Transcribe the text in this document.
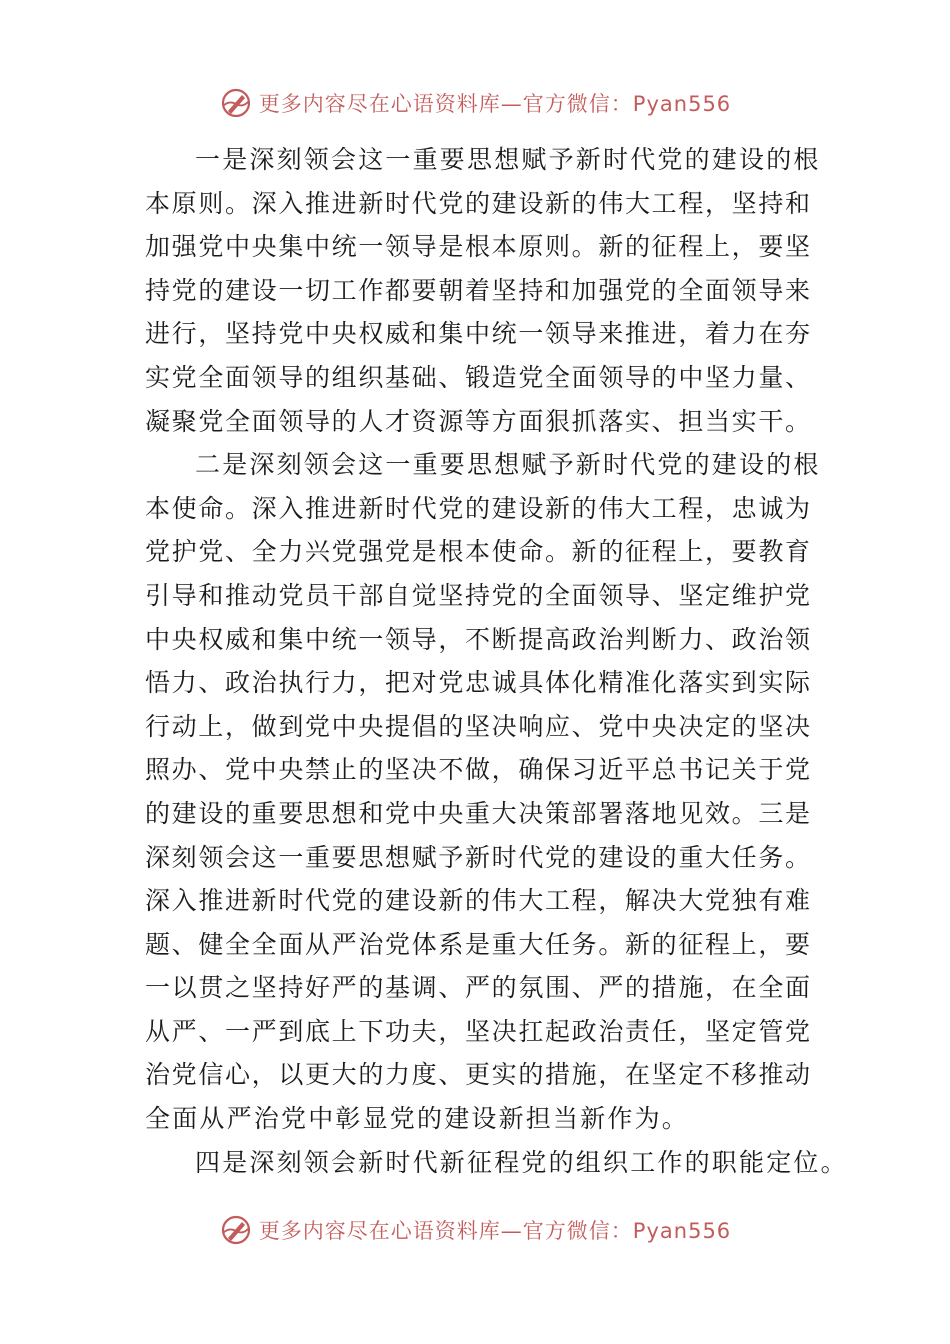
更多内容尽在心语资料库—官方微信：Pyan556
一是深刻领会这一重要思想赋予新时代党的建设的根
本原则。深入推进新时代党的建设新的伟大工程，坚持和
加强党中央集中统一领导是根本原则。新的征程上，要坚
持党的建设一切工作都要朝着坚持和加强党的全面领导来
进行，坚持党中央权威和集中统一领导来推进，着力在夯
实党全面领导的组织基础、锻造党全面领导的中坚力量、
凝聚党全面领导的人才资源等方面狠抓落实、担当实干。
二是深刻领会这一重要思想赋予新时代党的建设的根
本使命。深入推进新时代党的建设新的伟大工程，忠诚为
党护党、全力兴党强党是根本使命。新的征程上，要教育
引导和推动党员干部自觉坚持党的全面领导、坚定维护党
中央权威和集中统一领导，不断提高政治判断力、政治领
悟力、政治执行力，把对党忠诚具体化精准化落实到实际
行动上，做到党中央提倡的坚决响应、党中央决定的坚决
照办、党中央禁止的坚决不做，确保习近平总书记关于党
的建设的重要思想和党中央重大决策部署落地见效。三是
深刻领会这一重要思想赋予新时代党的建设的重大任务。
深入推进新时代党的建设新的伟大工程，解决大党独有难
题、健全全面从严治党体系是重大任务。新的征程上，要
一以贯之坚持好严的基调、严的氛围、严的措施，在全面
从严、一严到底上下功夫，坚决扛起政治责任，坚定管党
治党信心，以更大的力度、更实的措施，在坚定不移推动
全面从严治党中彰显党的建设新担当新作为。
四是深刻领会新时代新征程党的组织工作的职能定位。
更多内容尽在心语资料库—官方微信：Pyan556
